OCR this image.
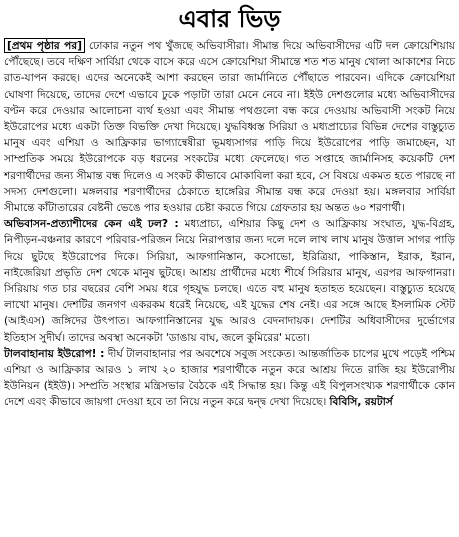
এবার ভিড়

[প্রথম পৃষ্ঠার পর] ঢোকার নতুন পথ খুঁজছে অভিবাসীরা। সীমান্ত দিয়ে অভিবাসীদের এটি দল ক্রোয়েশিয়ায় পৌঁছেছে। তবে দক্ষিণ সার্বিয়া থেকে বাসে করে এসে ক্রোয়েশিয়া সীমান্তে শত শত মানুষ খোলা আকাশের নিচে রাত-যাপন করছে। এদের অনেকেই আশা করছেন তারা জার্মানিতে পৌঁছাতে পারবেন। এদিকে ক্রোয়েশিয়া ঘোষণা দিয়েছে, তাদের দেশে এভাবে ঢুকে পড়াটা তারা মেনে নেবে না। ইইউ দেশগুলোর মধ্যে অভিবাসীদের বণ্টন করে দেওয়ার আলোচনা ব্যর্থ হওয়া এবং সীমান্ত পথগুলো বন্ধ করে দেওয়ায় অভিবাসী সংকট নিয়ে ইউরোপের মধ্যে একটা তিক্ত বিভক্তি দেখা দিয়েছে। যুদ্ধবিধ্বস্ত সিরিয়া ও মধ্যপ্রাচ্যের বিভিন্ন দেশের বাস্তুচ্যুত মানুষ এবং এশিয়া ও আফ্রিকার ভাগ্যান্বেষীরা ভূমধ্যসাগর পাড়ি দিয়ে ইউরোপের পাড়ি জমাচ্ছেন, যা সাম্প্রতিক সময়ে ইউরোপকে বড় ধরনের সংকটের মধ্যে ফেলেছে। গত সপ্তাহে জার্মানিসহ কয়েকটি দেশ শরণার্থীদের জন্য সীমান্ত বন্ধ দিলেও এ সংকট কীভাবে মোকাবিলা করা হবে, সে বিষয়ে একমত হতে পারছে না সদস্য দেশগুলো। মঙ্গলবার শরণার্থীদের ঠেকাতে হাঙ্গেরির সীমান্ত বন্ধ করে দেওয়া হয়। মঙ্গলবার সার্বিয়া সীমান্তে কাঁটাতারের বেষ্টনী ভেঙে পার হওয়ার চেষ্টা করতে গিয়ে গ্রেফতার হয় অন্তত ৬০ শরণার্থী।

অভিবাসন-প্রত্যাশীদের কেন এই ঢল? : মধ্যপ্রাচ্য, এশিয়ার কিছু দেশ ও আফ্রিকায় সংঘাত, যুদ্ধ-বিগ্রহ, নিপীড়ন-বঞ্চনার কারণে পরিবার-পরিজন নিয়ে নিরাপত্তার জন্য দলে দলে লাখ লাখ মানুষ উত্তাল সাগর পাড়ি দিয়ে ছুটছে ইউরোপের দিকে। সিরিয়া, আফগানিস্তান, কসোভো, ইরিত্রিয়া, পাকিস্তান, ইরাক, ইরান, নাইজেরিয়া প্রভৃতি দেশ থেকে মানুষ ছুটছে। আশ্রয় প্রার্থীদের মধ্যে শীর্ষে সিরিয়ার মানুষ, এরপর আফগানরা। সিরিয়ায় গত চার বছরের বেশি সময় ধরে গৃহযুদ্ধ চলছে। এতে বহু মানুষ হতাহত হয়েছেন। বাস্তুচ্যুত হয়েছে লাখো মানুষ। দেশটির জনগণ একরকম ধরেই নিয়েছে, এই যুদ্ধের শেষ নেই। এর সঙ্গে আছে ইসলামিক স্টেট (আইএস) জঙ্গিদের উৎপাত। আফগানিস্তানের যুদ্ধ আরও বেদনাদায়ক। দেশটির অধিবাসীদের দুর্ভোগের ইতিহাস সুদীর্ঘ। তাদের অবস্থা অনেকটা 'ডাঙায় বাঘ, জলে কুমিরের' মতো।

টালবাহানায় ইউরোপ! : দীর্ঘ টালবাহানার পর অবশেষে সবুজ সংকেত। আন্তর্জাতিক চাপের মুখে পড়েই পশ্চিম এশিয়া ও আফ্রিকার আরও ১ লাখ ২০ হাজার শরণার্থীকে নতুন করে আশ্রয় দিতে রাজি হয় ইউরোপীয় ইউনিয়ন (ইইউ)। সম্প্রতি সংস্থার মন্ত্রিসভার বৈঠকে এই সিদ্ধান্ত হয়। কিন্তু এই বিপুলসংখ্যক শরণার্থীকে কোন দেশে এবং কীভাবে জায়গা দেওয়া হবে তা নিয়ে নতুন করে দ্বন্দ্ব দেখা দিয়েছে। বিবিসি, রয়টার্স
